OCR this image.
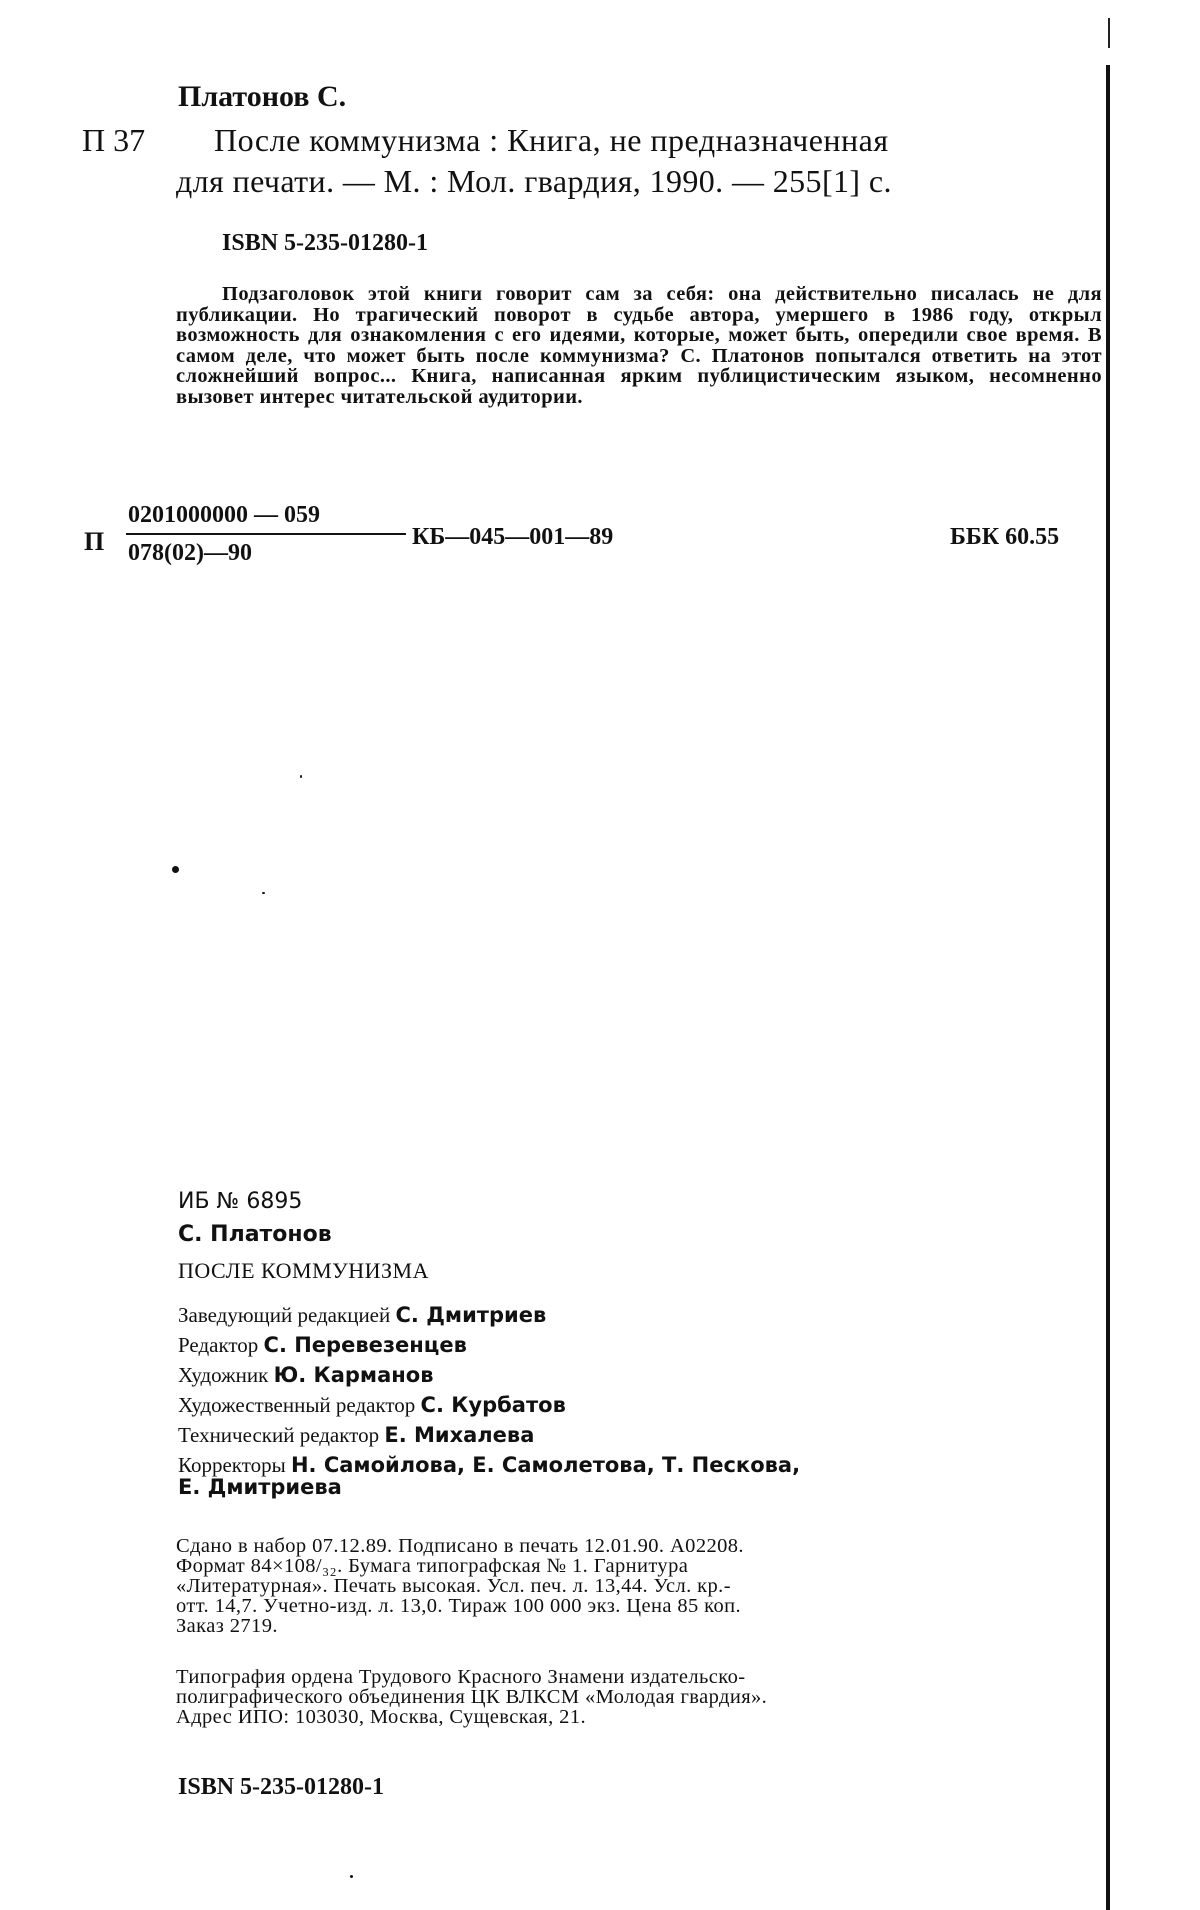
Платонов С.
П 37 После коммунизма : Книга, не предназначенная
для печати. — М. : Мол. гвардия, 1990. — 255[1] с.
ISBN 5-235-01280-1
Подзаголовок этой книги говорит сам за себя: она действительно писалась не для публикации. Но трагический поворот в судьбе автора, умершего в 1986 году, открыл возможность для ознакомления с его идеями, которые, может быть, опередили свое время. В самом деле, что может быть после коммунизма? С. Платонов попытался ответить на этот сложнейший вопрос... Книга, написанная ярким публицистическим языком, несомненно вызовет интерес читательской аудитории.
П
0201000000 — 059
078(02)—90
КБ—045—001—89	ББК 60.55
ИБ № 6895
С. Платонов
ПОСЛЕ КОММУНИЗМА
Заведующий редакцией С. Дмитриев
Редактор С. Перевезенцев
Художник Ю. Карманов
Художественный редактор С. Курбатов
Технический редактор Е. Михалева
Корректоры Н. Самойлова, Е. Самолетова, Т. Пескова,
Е. Дмитриева
Сдано в набор 07.12.89. Подписано в печать 12.01.90. А02208.
Формат 84×108/₃₂. Бумага типографская № 1. Гарнитура
«Литературная». Печать высокая. Усл. печ. л. 13,44. Усл. кр.-
отт. 14,7. Учетно-изд. л. 13,0. Тираж 100 000 экз. Цена 85 коп.
Заказ 2719.
Типография ордена Трудового Красного Знамени издательско-
полиграфического объединения ЦК ВЛКСМ «Молодая гвардия».
Адрес ИПО: 103030, Москва, Сущевская, 21.
ISBN 5-235-01280-1
